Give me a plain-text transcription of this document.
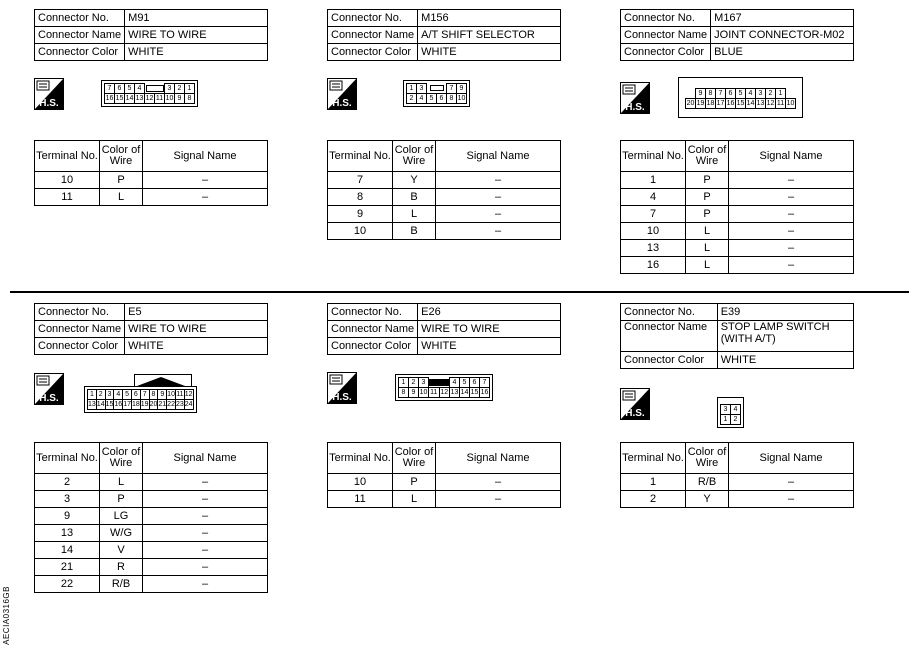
Connector No.	M91
Connector Name	WIRE TO WIRE
Connector Color	WHITE
H.S.
7	6	5	4			3	2	1
16	15	14	13	12	11	10	9	8
Terminal No.	Color of Wire	Signal Name
10	P	–
11	L	–
Connector No.	M156
Connector Name	A/T SHIFT SELECTOR
Connector Color	WHITE
H.S.
1	3			7	9
2	4	5	6	8	10
Terminal No.	Color of Wire	Signal Name
7	Y	–
8	B	–
9	L	–
10	B	–
Connector No.	M167
Connector Name	JOINT CONNECTOR-M02
Connector Color	BLUE
H.S.
	9	8	7	6	5	4	3	2	1	
20	19	18	17	16	15	14	13	12	11	10
Terminal No.	Color of Wire	Signal Name
1	P	–
4	P	–
7	P	–
10	L	–
13	L	–
16	L	–
Connector No.	E5
Connector Name	WIRE TO WIRE
Connector Color	WHITE
H.S.	1	2	3	4	5	6	7	8	9	10	11	12
13	14	15	16	17	18	19	20	21	22	23	24
Terminal No.	Color of Wire	Signal Name
2	L	–
3	P	–
9	LG	–
13	W/G	–
14	V	–
21	R	–
22	R/B	–
Connector No.	E26
Connector Name	WIRE TO WIRE
Connector Color	WHITE
H.S.
1	2	3			4	5	6	7
8	9	10	11	12	13	14	15	16
Terminal No.	Color of Wire	Signal Name
10	P	–
11	L	–
Connector No.	E39
Connector Name	STOP LAMP SWITCH (WITH A/T)
Connector Color	WHITE
H.S.	3	4
1	2
Terminal No.	Color of Wire	Signal Name
1	R/B	–
2	Y	–
AECIA0316GB
